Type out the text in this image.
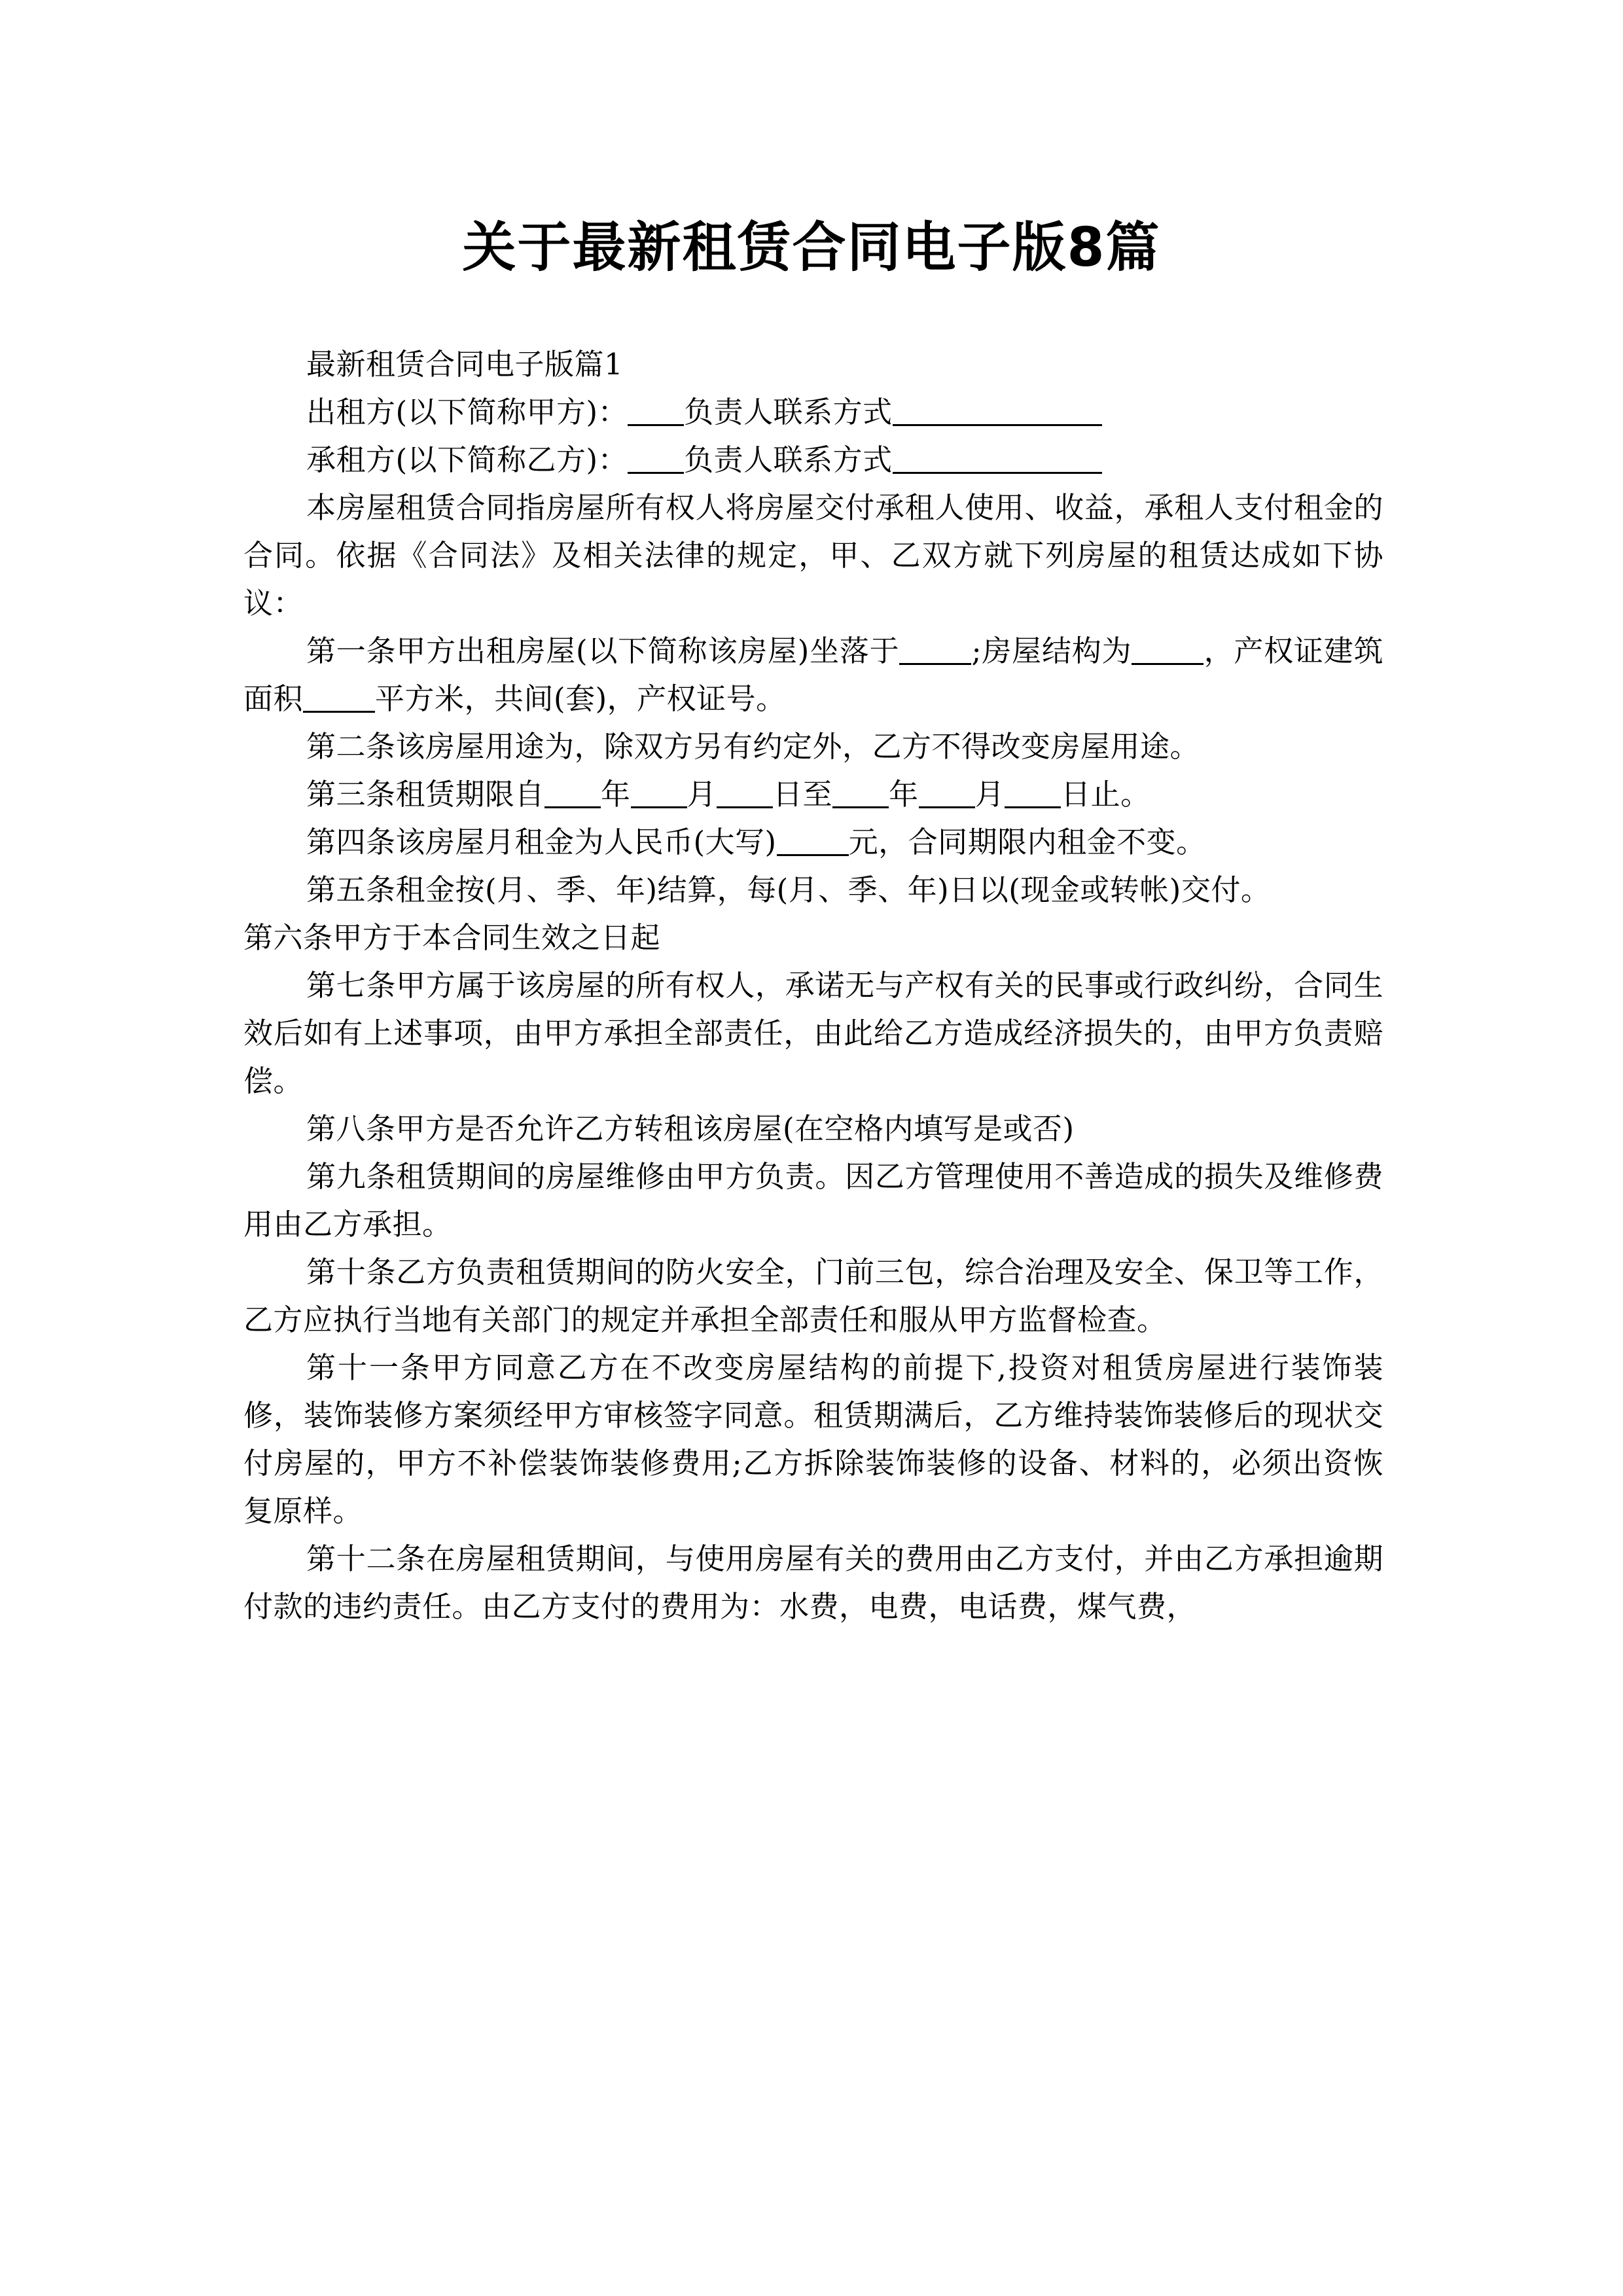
关于最新租赁合同电子版8篇

最新租赁合同电子版篇1

出租方(以下简称甲方)： 负责人联系方式

承租方(以下简称乙方)： 负责人联系方式

本房屋租赁合同指房屋所有权人将房屋交付承租人使用、收益，承租人支付租金的合同。依据《合同法》及相关法律的规定，甲、乙双方就下列房屋的租赁达成如下协议：

第一条甲方出租房屋(以下简称该房屋)坐落于 ;房屋结构为 ，产权证建筑面积 平方米，共间(套)，产权证号。

第二条该房屋用途为，除双方另有约定外，乙方不得改变房屋用途。

第三条租赁期限自 年 月 日至 年 月 日止。

第四条该房屋月租金为人民币(大写) 元，合同期限内租金不变。

第五条租金按(月、季、年)结算，每(月、季、年)日以(现金或转帐)交付。

第六条甲方于本合同生效之日起

第七条甲方属于该房屋的所有权人，承诺无与产权有关的民事或行政纠纷，合同生效后如有上述事项，由甲方承担全部责任，由此给乙方造成经济损失的，由甲方负责赔偿。

第八条甲方是否允许乙方转租该房屋(在空格内填写是或否)

第九条租赁期间的房屋维修由甲方负责。因乙方管理使用不善造成的损失及维修费用由乙方承担。

第十条乙方负责租赁期间的防火安全，门前三包，综合治理及安全、保卫等工作，乙方应执行当地有关部门的规定并承担全部责任和服从甲方监督检查。

第十一条甲方同意乙方在不改变房屋结构的前提下,投资对租赁房屋进行装饰装修，装饰装修方案须经甲方审核签字同意。租赁期满后，乙方维持装饰装修后的现状交付房屋的，甲方不补偿装饰装修费用;乙方拆除装饰装修的设备、材料的，必须出资恢复原样。

第十二条在房屋租赁期间，与使用房屋有关的费用由乙方支付，并由乙方承担逾期付款的违约责任。由乙方支付的费用为：水费，电费，电话费，煤气费，
